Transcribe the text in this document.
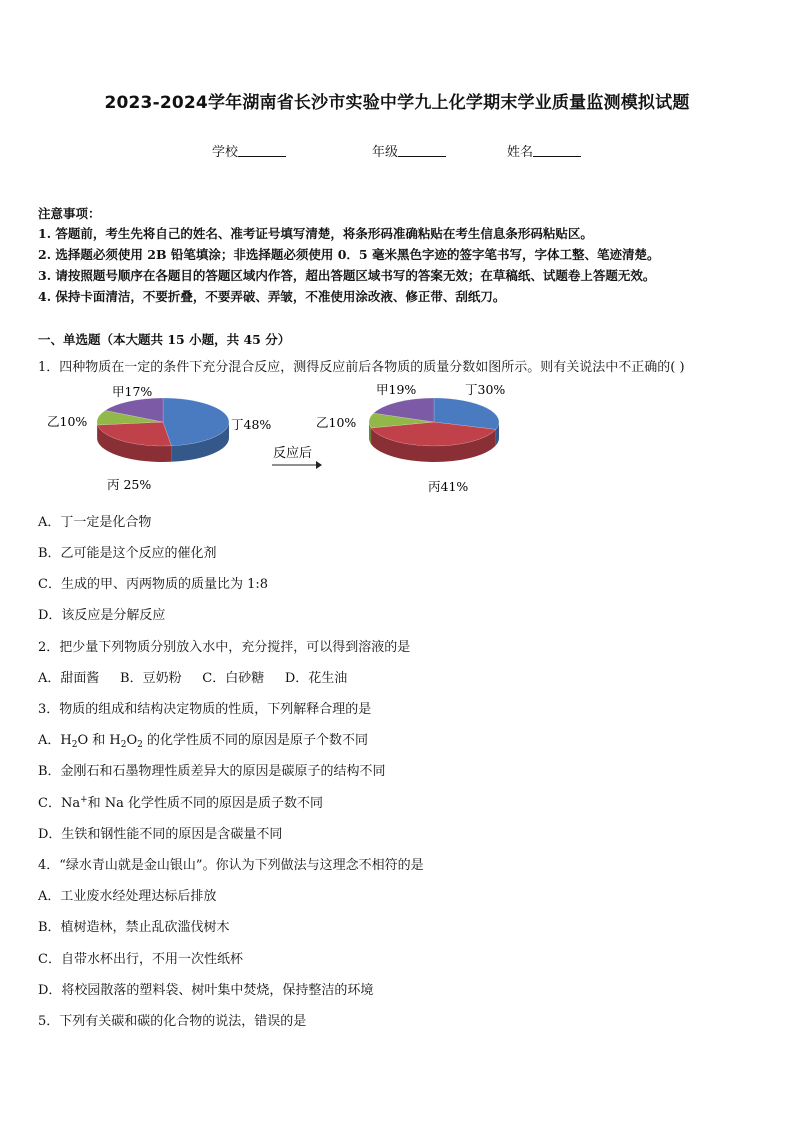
2023-2024学年湖南省长沙市实验中学九上化学期末学业质量监测模拟试题
学校	年级	姓名
注意事项：
1. 答题前，考生先将自己的姓名、准考证号填写清楚，将条形码准确粘贴在考生信息条形码粘贴区。
2. 选择题必须使用 2B 铅笔填涂；非选择题必须使用 0．5 毫米黑色字迹的签字笔书写，字体工整、笔迹清楚。
3. 请按照题号顺序在各题目的答题区域内作答，超出答题区域书写的答案无效；在草稿纸、试题卷上答题无效。
4. 保持卡面清洁，不要折叠，不要弄破、弄皱，不准使用涂改液、修正带、刮纸刀。
一、单选题（本大题共 15 小题，共 45 分）
1．四种物质在一定的条件下充分混合反应，测得反应前后各物质的质量分数如图所示。则有关说法中不正确的( )
反应后
甲17%
乙10%	丁48%
丙 25%
甲19%	丁30%
乙10%
丙41%
A．丁一定是化合物
B．乙可能是这个反应的催化剂
C．生成的甲、丙两物质的质量比为 1:8
D．该反应是分解反应
2．把少量下列物质分别放入水中，充分搅拌，可以得到溶液的是
A．甜面酱     B．豆奶粉     C．白砂糖     D．花生油
3．物质的组成和结构决定物质的性质，下列解释合理的是
A．$H_2O$ 和 $H_2O_2$ 的化学性质不同的原因是原子个数不同
B．金刚石和石墨物理性质差异大的原因是碳原子的结构不同
C．Na+和 Na 化学性质不同的原因是质子数不同
D．生铁和钢性能不同的原因是含碳量不同
4．“绿水青山就是金山银山”。你认为下列做法与这理念不相符的是
A．工业废水经处理达标后排放
B．植树造林，禁止乱砍滥伐树木
C．自带水杯出行，不用一次性纸杯
D．将校园散落的塑料袋、树叶集中焚烧，保持整洁的环境
5．下列有关碳和碳的化合物的说法，错误的是
